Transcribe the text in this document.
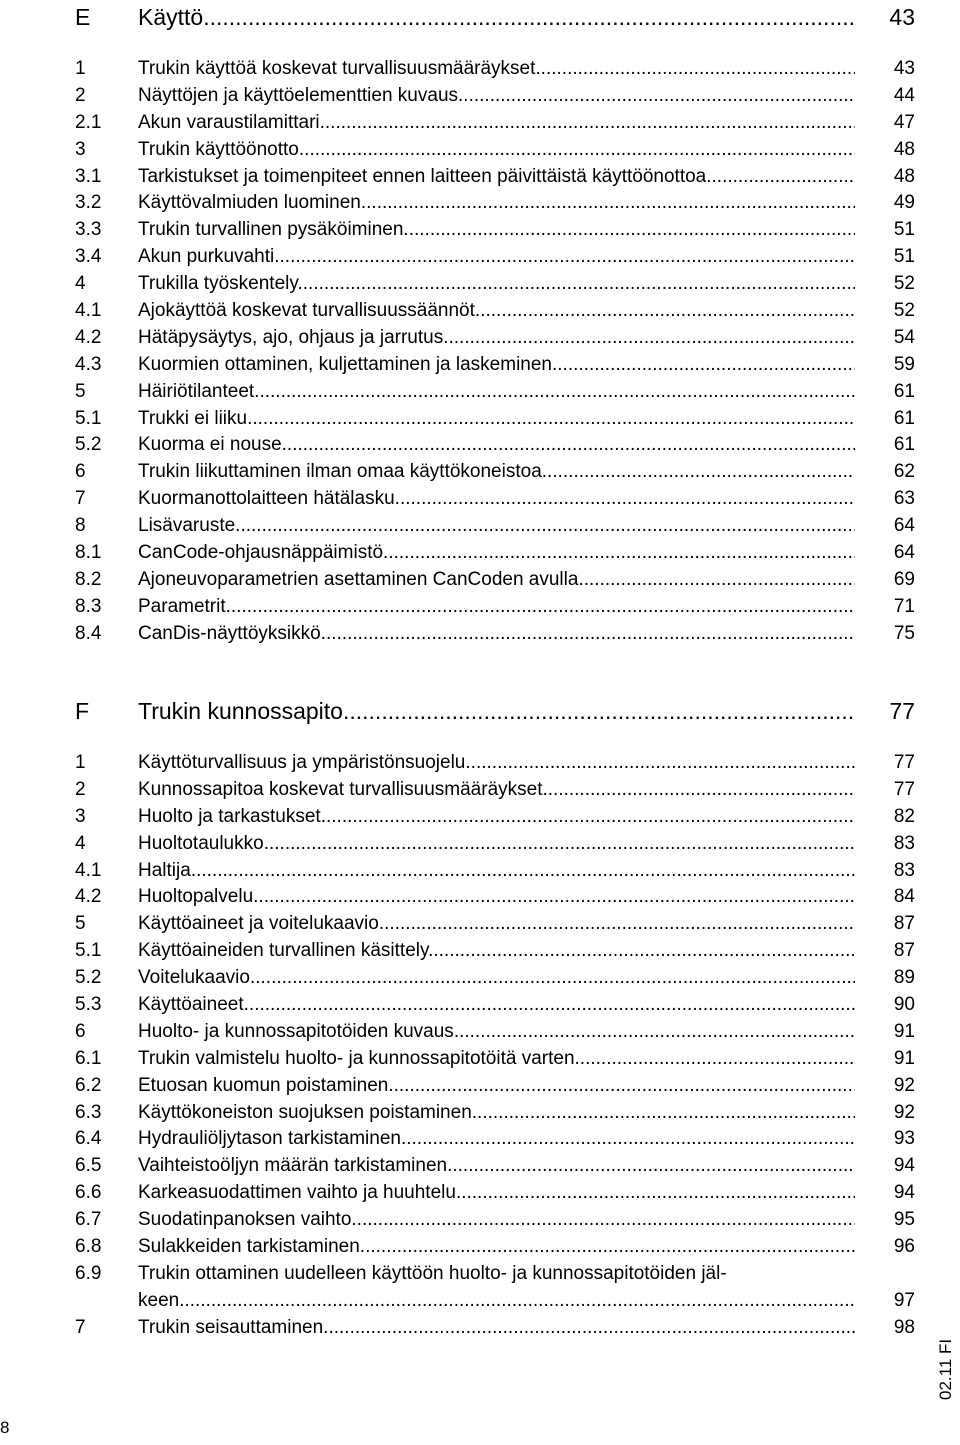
E Käyttö .....	43
1	Trukin käyttöä koskevat turvallisuusmääräykset .....	43
2	Näyttöjen ja käyttöelementtien kuvaus .....	44
2.1 Akun varaustilamittari .....	47
3	Trukin käyttöönotto .....	48
3.1 Tarkistukset ja toimenpiteet ennen laitteen päivittäistä käyttöönottoa .....	48
3.2 Käyttövalmiuden luominen .....	49
3.3 Trukin turvallinen pysäköiminen .....	51
3.4 Akun purkuvahti .....	51
4	Trukilla työskentely .....	52
4.1 Ajokäyttöä koskevat turvallisuussäännöt .....	52
4.2 Hätäpysäytys, ajo, ohjaus ja jarrutus .....	54
4.3 Kuormien ottaminen, kuljettaminen ja laskeminen .....	59
5	Häiriötilanteet .....	61
5.1 Trukki ei liiku .....	61
5.2 Kuorma ei nouse. .....	61
6	Trukin liikuttaminen ilman omaa käyttökoneistoa .....	62
7	Kuormanottolaitteen hätälasku .....	63
8	Lisävaruste .....	64
8.1 CanCode-ohjausnäppäimistö .....	64
8.2 Ajoneuvoparametrien asettaminen CanCoden avulla .....	69
8.3 Parametrit .....	71
8.4 CanDis-näyttöyksikkö .....	75
F Trukin kunnossapito .....	77
1	Käyttöturvallisuus ja ympäristönsuojelu .....	77
2	Kunnossapitoa koskevat turvallisuusmääräykset .....	77
3	Huolto ja tarkastukset .....	82
4	Huoltotaulukko .....	83
4.1 Haltija .....	83
4.2 Huoltopalvelu .....	84
5	Käyttöaineet ja voitelukaavio .....	87
5.1 Käyttöaineiden turvallinen käsittely .....	87
5.2 Voitelukaavio .....	89
5.3 Käyttöaineet .....	90
6	Huolto- ja kunnossapitotöiden kuvaus .....	91
6.1 Trukin valmistelu huolto- ja kunnossapitotöitä varten .....	91
6.2 Etuosan kuomun poistaminen .....	92
6.3 Käyttökoneiston suojuksen poistaminen .....	92
6.4 Hydrauliöljytason tarkistaminen .....	93
6.5 Vaihteistoöljyn määrän tarkistaminen .....	94
6.6 Karkeasuodattimen vaihto ja huuhtelu .....	94
6.7 Suodatinpanoksen vaihto .....	95
6.8 Sulakkeiden tarkistaminen .....	96
6.9 Trukin ottaminen uudelleen käyttöön huolto- ja kunnossapitotöiden jäl-
keen .....	97
7	Trukin seisauttaminen .....	98
02.11 FI
8
